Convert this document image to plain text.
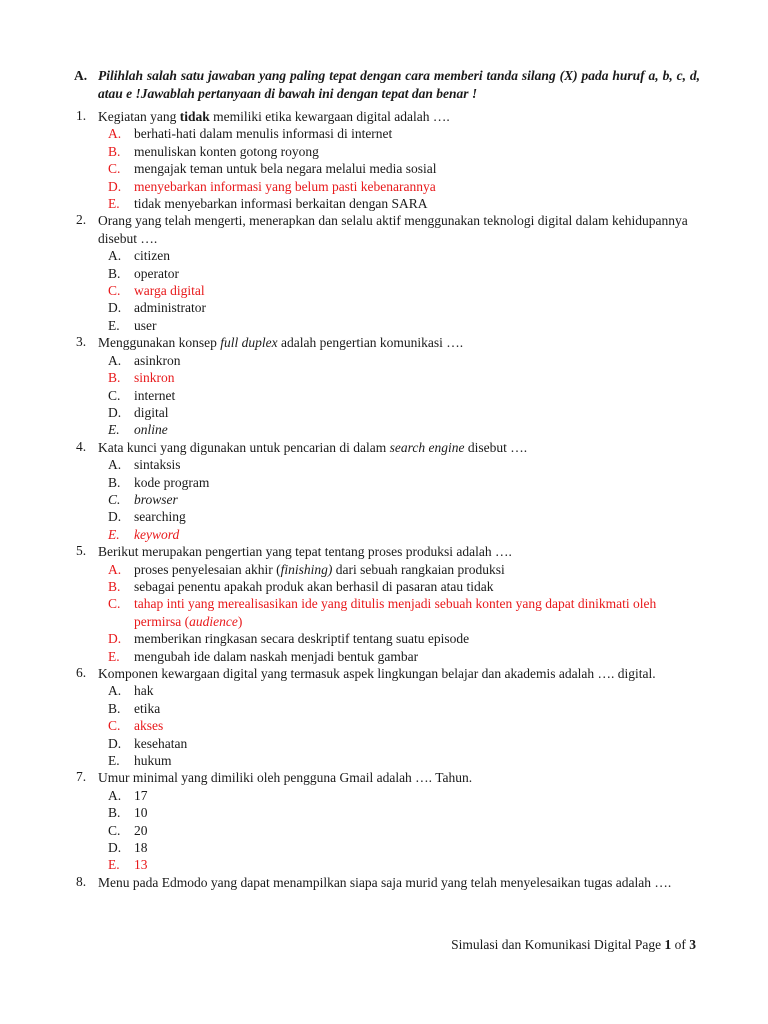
A. Pilihlah salah satu jawaban yang paling tepat dengan cara memberi tanda silang (X) pada huruf a, b, c, d, atau e !Jawablah pertanyaan di bawah ini dengan tepat dan benar !
1. Kegiatan yang tidak memiliki etika kewargaan digital adalah ….
A. berhati-hati dalam menulis informasi di internet
B.	menuliskan konten gotong royong
C.	mengajak teman untuk bela negara melalui media sosial
D. menyebarkan informasi yang belum pasti kebenarannya
E.	tidak menyebarkan informasi berkaitan dengan SARA
2. Orang yang telah mengerti, menerapkan dan selalu aktif menggunakan teknologi digital dalam kehidupannya disebut ….
A. citizen
B.	operator
C.	warga digital
D. administrator
E.	user
3. Menggunakan konsep full duplex adalah pengertian komunikasi ….
A. asinkron
B.	sinkron
C.	internet
D. digital
E.	online
4. Kata kunci yang digunakan untuk pencarian di dalam search engine disebut ….
A. sintaksis
B.	kode program
C.	browser
D. searching
E.	keyword
5. Berikut merupakan pengertian yang tepat tentang proses produksi adalah ….
A. proses penyelesaian akhir (finishing) dari sebuah rangkaian produksi
B.	sebagai penentu apakah produk akan berhasil di pasaran atau tidak
C.	tahap inti yang merealisasikan ide yang ditulis menjadi sebuah konten yang dapat dinikmati oleh permirsa (audience)
D. memberikan ringkasan secara deskriptif tentang suatu episode
E.	mengubah ide dalam naskah menjadi bentuk gambar
6. Komponen kewargaan digital yang termasuk aspek lingkungan belajar dan akademis adalah …. digital.
A. hak
B.	etika
C.	akses
D. kesehatan
E.	hukum
7. Umur minimal yang dimiliki oleh pengguna Gmail adalah …. Tahun.
A. 17
B.	10
C.	20
D. 18
E.	13
8. Menu pada Edmodo yang dapat menampilkan siapa saja murid yang telah menyelesaikan tugas adalah ….
Simulasi dan Komunikasi Digital Page 1 of 3
